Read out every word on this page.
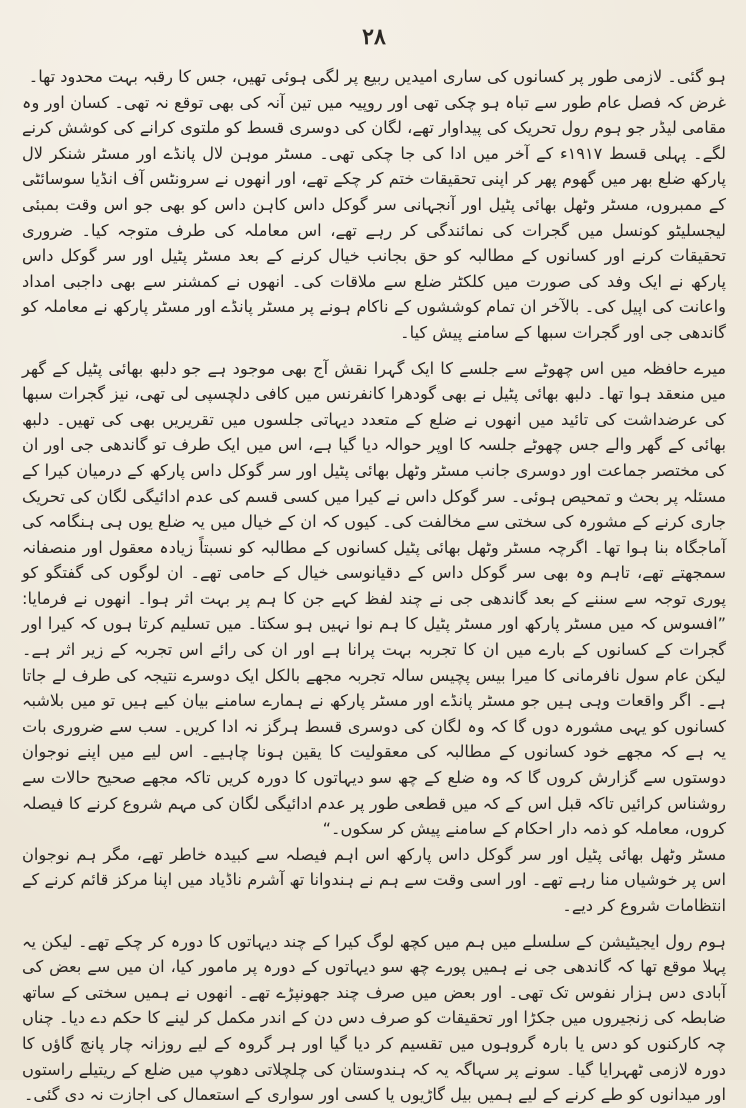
۲۸

ہو گئی۔ لازمی طور پر کسانوں کی ساری امیدیں ربیع پر لگی ہوئی تھیں، جس کا رقبہ بہت محدود تھا۔

غرض کہ فصل عام طور سے تباہ ہو چکی تھی اور روپیہ میں تین آنہ کی بھی توقع نہ تھی۔ کسان اور وہ مقامی لیڈر جو ہوم رول تحریک کی پیداوار تھے، لگان کی دوسری قسط کو ملتوی کرانے کی کوشش کرنے لگے۔ پہلی قسط ۱۹۱۷ء کے آخر میں ادا کی جا چکی تھی۔ مسٹر موہن لال پانڈے اور مسٹر شنکر لال پارکھ ضلع بھر میں گھوم پھر کر اپنی تحقیقات ختم کر چکے تھے، اور انھوں نے سرونٹس آف انڈیا سوسائٹی کے ممبروں، مسٹر وٹھل بھائی پٹیل اور آنجہانی سر گوکل داس کاہن داس کو بھی جو اس وقت بمبئی لیجسلیٹو کونسل میں گجرات کی نمائندگی کر رہے تھے، اس معاملہ کی طرف متوجہ کیا۔ ضروری تحقیقات کرنے اور کسانوں کے مطالبہ کو حق بجانب خیال کرنے کے بعد مسٹر پٹیل اور سر گوکل داس پارکھ نے ایک وفد کی صورت میں کلکٹر ضلع سے ملاقات کی۔ انھوں نے کمشنر سے بھی داجبی امداد واعانت کی اپیل کی۔ بالآخر ان تمام کوششوں کے ناکام ہونے پر مسٹر پانڈے اور مسٹر پارکھ نے معاملہ کو گاندھی جی اور گجرات سبھا کے سامنے پیش کیا۔

میرے حافظہ میں اس چھوٹے سے جلسے کا ایک گہرا نقش آج بھی موجود ہے جو دلبھ بھائی پٹیل کے گھر میں منعقد ہوا تھا۔ دلبھ بھائی پٹیل نے بھی گودھرا کانفرنس میں کافی دلچسپی لی تھی، نیز گجرات سبھا کی عرضداشت کی تائید میں انھوں نے ضلع کے متعدد دیہاتی جلسوں میں تقریریں بھی کی تھیں۔ دلبھ بھائی کے گھر والے جس چھوٹے جلسہ کا اوپر حوالہ دیا گیا ہے، اس میں ایک طرف تو گاندھی جی اور ان کی مختصر جماعت اور دوسری جانب مسٹر وٹھل بھائی پٹیل اور سر گوکل داس پارکھ کے درمیان کیرا کے مسئلہ پر بحث و تمحیص ہوئی۔ سر گوکل داس نے کیرا میں کسی قسم کی عدم ادائیگی لگان کی تحریک جاری کرنے کے مشورہ کی سختی سے مخالفت کی۔ کیوں کہ ان کے خیال میں یہ ضلع یوں ہی ہنگامہ کی آماجگاہ بنا ہوا تھا۔ اگرچہ مسٹر وٹھل بھائی پٹیل کسانوں کے مطالبہ کو نسبتاً زیادہ معقول اور منصفانہ سمجھتے تھے، تاہم وہ بھی سر گوکل داس کے دقیانوسی خیال کے حامی تھے۔ ان لوگوں کی گفتگو کو پوری توجہ سے سننے کے بعد گاندھی جی نے چند لفظ کہے جن کا ہم پر بہت اثر ہوا۔ انھوں نے فرمایا: ”افسوس کہ میں مسٹر پارکھ اور مسٹر پٹیل کا ہم نوا نہیں ہو سکتا۔ میں تسلیم کرتا ہوں کہ کیرا اور گجرات کے کسانوں کے بارے میں ان کا تجربہ بہت پرانا ہے اور ان کی رائے اس تجربہ کے زیر اثر ہے۔ لیکن عام سول نافرمانی کا میرا بیس پچیس سالہ تجربہ مجھے بالکل ایک دوسرے نتیجہ کی طرف لے جاتا ہے۔ اگر واقعات وہی ہیں جو مسٹر پانڈے اور مسٹر پارکھ نے ہمارے سامنے بیان کیے ہیں تو میں بلاشبہ کسانوں کو یہی مشورہ دوں گا کہ وہ لگان کی دوسری قسط ہرگز نہ ادا کریں۔ سب سے ضروری بات یہ ہے کہ مجھے خود کسانوں کے مطالبہ کی معقولیت کا یقین ہونا چاہیے۔ اس لیے میں اپنے نوجوان دوستوں سے گزارش کروں گا کہ وہ ضلع کے چھ سو دیہاتوں کا دورہ کریں تاکہ مجھے صحیح حالات سے روشناس کرائیں تاکہ قبل اس کے کہ میں قطعی طور پر عدم ادائیگی لگان کی مہم شروع کرنے کا فیصلہ کروں، معاملہ کو ذمہ دار احکام کے سامنے پیش کر سکوں۔“

مسٹر وٹھل بھائی پٹیل اور سر گوکل داس پارکھ اس اہم فیصلہ سے کبیدہ خاطر تھے، مگر ہم نوجوان اس پر خوشیاں منا رہے تھے۔ اور اسی وقت سے ہم نے ہندوانا تھ آشرم ناڈیاد میں اپنا مرکز قائم کرنے کے انتظامات شروع کر دیے۔

ہوم رول ایجیٹیشن کے سلسلے میں ہم میں کچھ لوگ کیرا کے چند دیہاتوں کا دورہ کر چکے تھے۔ لیکن یہ پہلا موقع تھا کہ گاندھی جی نے ہمیں پورے چھ سو دیہاتوں کے دورہ پر مامور کیا، ان میں سے بعض کی آبادی دس ہزار نفوس تک تھی۔ اور بعض میں صرف چند جھونپڑے تھے۔ انھوں نے ہمیں سختی کے ساتھ ضابطہ کی زنجیروں میں جکڑا اور تحقیقات کو صرف دس دن کے اندر مکمل کر لینے کا حکم دے دیا۔ چناں چہ کارکنوں کو دس یا بارہ گروہوں میں تقسیم کر دیا گیا اور ہر گروہ کے لیے روزانہ چار پانچ گاؤں کا دورہ لازمی ٹھہرایا گیا۔ سونے پر سہاگہ یہ کہ ہندوستان کی چلچلاتی دھوپ میں ضلع کے ریتیلے راستوں اور میدانوں کو طے کرنے کے لیے ہمیں بیل گاڑیوں یا کسی اور سواری کے استعمال کی اجازت نہ دی گئی۔
